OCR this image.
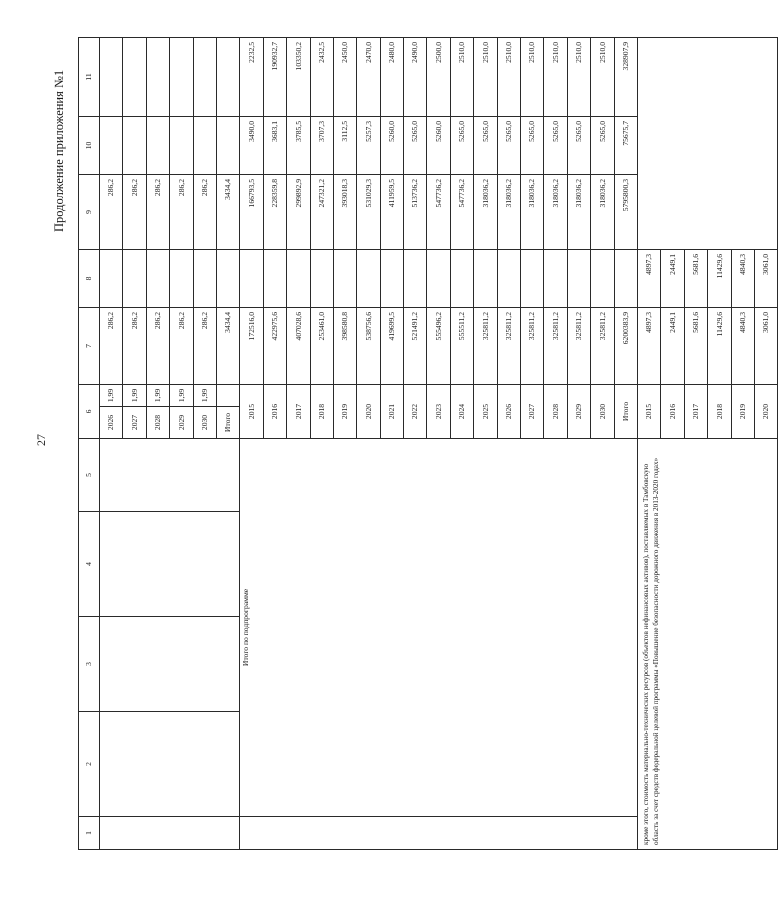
27
Продолжение приложения №1
1	2	3	4	5	6		7	8	9	10	11
					2026	1,99	286,2		286,2		
					2027	1,99	286,2		286,2		
					2028	1,99	286,2		286,2		
					2029	1,99	286,2		286,2		
					2030	1,99	286,2		286,2		
					Итого		3434,4		3434,4		
	Итого по подпрограмме				2015		172516,0		166793,5	3490,0	2232,5
					2016		422975,6		228359,8	3683,1	190932,7
					2017		407028,6		299892,9	3785,5	103350,2
					2018		253461,0		247321,2	3707,3	2432,5
					2019		398580,8		393018,3	3112,5	2450,0
					2020		538756,6		531029,3	5257,3	2470,0
					2021		419699,5		411959,5	5260,0	2480,0
					2022		521491,2		513736,2	5265,0	2490,0
					2023		555496,2		547736,2	5260,0	2500,0
					2024		555511,2		547736,2	5265,0	2510,0
					2025		325811,2		318036,2	5265,0	2510,0
					2026		325811,2		318036,2	5265,0	2510,0
					2027		325811,2		318036,2	5265,0	2510,0
					2028		325811,2		318036,2	5265,0	2510,0
					2029		325811,2		318036,2	5265,0	2510,0
					2030		325811,2		318036,2	5265,0	2510,0
					Итого		6200383,9		5795800,3	75675,7	328907,9
кроме этого, стоимость материально-технических ресурсов (объектов нефинансовых активов), поставляемых в Тамбовскую область за счет средств федеральной целевой программы «Повышение безопасности дорожного движения в 2013-2020 годах»					2015		4897,3	4897,3			
					2016		2449,1	2449,1			
					2017		5681,6	5681,6			
					2018		11429,6	11429,6			
					2019		4840,3	4840,3			
					2020		3061,0	3061,0			
